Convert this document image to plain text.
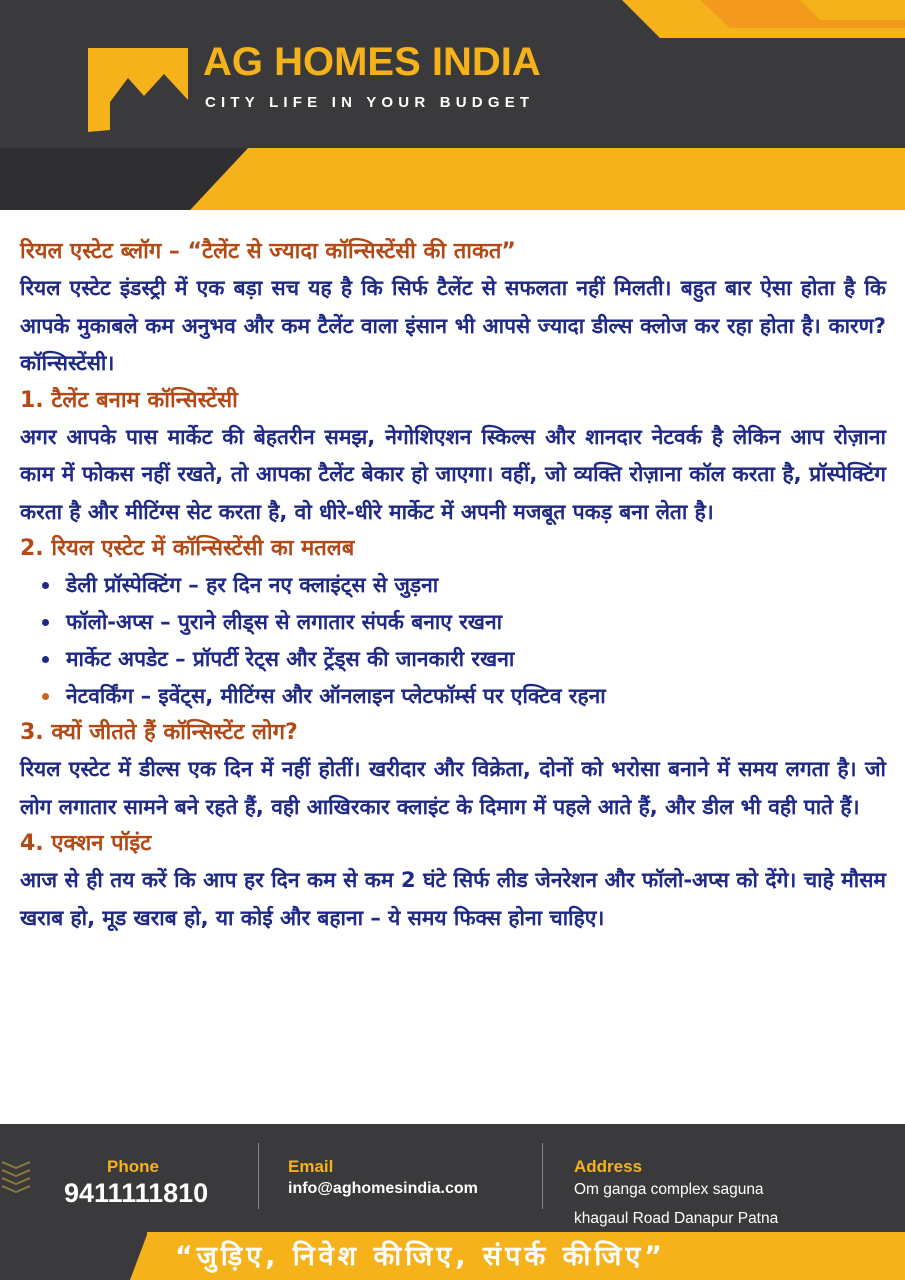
AG HOMES INDIA
CITY LIFE IN YOUR BUDGET
रियल एस्टेट ब्लॉग – “टैलेंट से ज्यादा कॉन्सिस्टेंसी की ताकत”

रियल एस्टेट इंडस्ट्री में एक बड़ा सच यह है कि सिर्फ टैलेंट से सफलता नहीं मिलती। बहुत बार ऐसा होता है कि आपके मुकाबले कम अनुभव और कम टैलेंट वाला इंसान भी आपसे ज्यादा डील्स क्लोज कर रहा होता है। कारण? कॉन्सिस्टेंसी।

1. टैलेंट बनाम कॉन्सिस्टेंसी

अगर आपके पास मार्केट की बेहतरीन समझ, नेगोशिएशन स्किल्स और शानदार नेटवर्क है लेकिन आप रोज़ाना काम में फोकस नहीं रखते, तो आपका टैलेंट बेकार हो जाएगा। वहीं, जो व्यक्ति रोज़ाना कॉल करता है, प्रॉस्पेक्टिंग करता है और मीटिंग्स सेट करता है, वो धीरे-धीरे मार्केट में अपनी मजबूत पकड़ बना लेता है।

2. रियल एस्टेट में कॉन्सिस्टेंसी का मतलब
डेली प्रॉस्पेक्टिंग – हर दिन नए क्लाइंट्स से जुड़ना
फॉलो-अप्स – पुराने लीड्स से लगातार संपर्क बनाए रखना
मार्केट अपडेट – प्रॉपर्टी रेट्स और ट्रेंड्स की जानकारी रखना
नेटवर्किंग – इवेंट्स, मीटिंग्स और ऑनलाइन प्लेटफॉर्म्स पर एक्टिव रहना
3. क्यों जीतते हैं कॉन्सिस्टेंट लोग?

रियल एस्टेट में डील्स एक दिन में नहीं होतीं। खरीदार और विक्रेता, दोनों को भरोसा बनाने में समय लगता है। जो लोग लगातार सामने बने रहते हैं, वही आखिरकार क्लाइंट के दिमाग में पहले आते हैं, और डील भी वही पाते हैं।

4. एक्शन पॉइंट

आज से ही तय करें कि आप हर दिन कम से कम 2 घंटे सिर्फ लीड जेनरेशन और फॉलो-अप्स को देंगे। चाहे मौसम खराब हो, मूड खराब हो, या कोई और बहाना – ये समय फिक्स होना चाहिए।

Phone
9411111810
Email
info@aghomesindia.com
Address
Om ganga complex saguna
khagaul Road Danapur Patna
“जुड़िए, निवेश कीजिए, संपर्क कीजिए”
